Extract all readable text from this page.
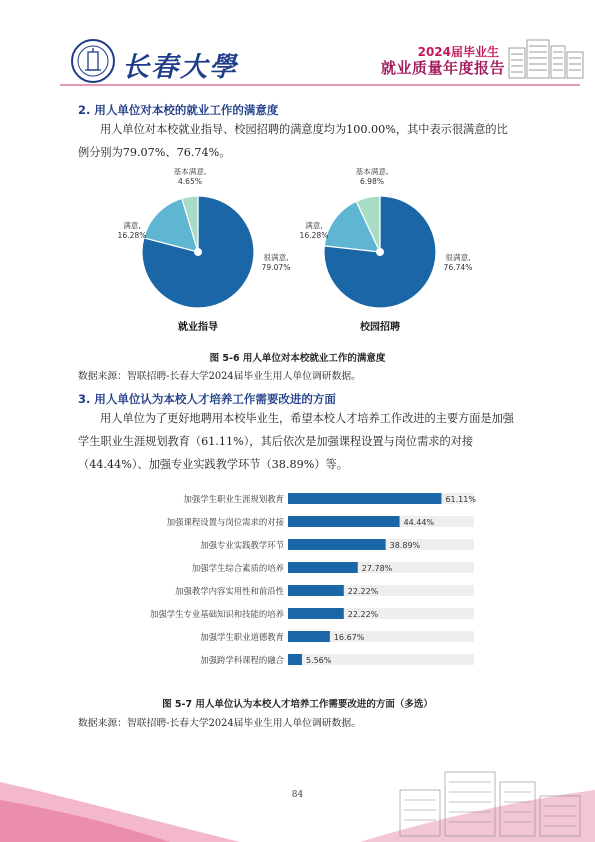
长春大學	2024届毕业生
就业质量年度报告
2. 用人单位对本校的就业工作的满意度
用人单位对本校就业指导、校园招聘的满意度均为100.00%，其中表示很满意的比例分别为79.07%、76.74%。
很满意, 79.07%
满意, 16.28%
基本满意, 4.65%
就业指导
很满意, 76.74%
满意, 16.28%
基本满意, 6.98%
校园招聘
图 5-6 用人单位对本校就业工作的满意度
数据来源：智联招聘-长春大学2024届毕业生用人单位调研数据。
3. 用人单位认为本校人才培养工作需要改进的方面
用人单位为了更好地聘用本校毕业生，希望本校人才培养工作改进的主要方面是加强学生职业生涯规划教育（61.11%），其后依次是加强课程设置与岗位需求的对接（44.44%）、加强专业实践教学环节（38.89%）等。
加强学生职业生涯规划教育	61.11%
加强课程设置与岗位需求的对接	44.44%
加强专业实践教学环节	38.89%
加强学生综合素质的培养	27.78%
加强教学内容实用性和前沿性	22.22%
加强学生专业基础知识和技能的培养	22.22%
加强学生职业道德教育	16.67%
加强跨学科课程的融合	5.56%
图 5-7 用人单位认为本校人才培养工作需要改进的方面（多选）
数据来源：智联招聘-长春大学2024届毕业生用人单位调研数据。
84
